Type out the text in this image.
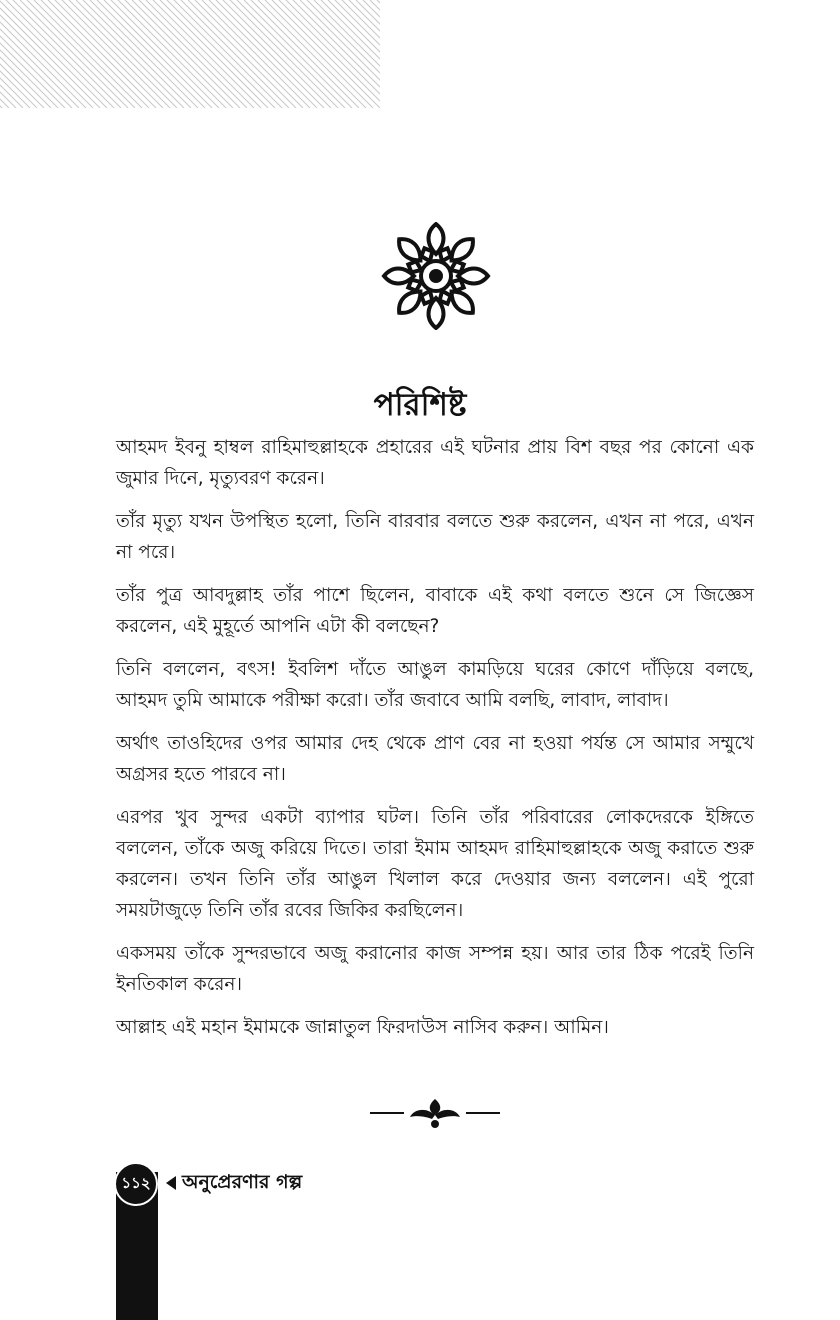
পরিশিষ্ট

আহমদ ইবনু হাম্বল রাহিমাহুল্লাহকে প্রহারের এই ঘটনার প্রায় বিশ বছর পর কোনো এক জুমার দিনে, মৃত্যুবরণ করেন।

তাঁর মৃত্যু যখন উপস্থিত হলো, তিনি বারবার বলতে শুরু করলেন, এখন না পরে, এখন না পরে।

তাঁর পুত্র আবদুল্লাহ তাঁর পাশে ছিলেন, বাবাকে এই কথা বলতে শুনে সে জিজ্ঞেস করলেন, এই মুহূর্তে আপনি এটা কী বলছেন?

তিনি বললেন, বৎস! ইবলিশ দাঁতে আঙুল কামড়িয়ে ঘরের কোণে দাঁড়িয়ে বলছে, আহমদ তুমি আমাকে পরীক্ষা করো। তাঁর জবাবে আমি বলছি, লাবাদ, লাবাদ।

অর্থাৎ তাওহিদের ওপর আমার দেহ থেকে প্রাণ বের না হওয়া পর্যন্ত সে আমার সম্মুখে অগ্রসর হতে পারবে না।

এরপর খুব সুন্দর একটা ব্যাপার ঘটল। তিনি তাঁর পরিবারের লোকদেরকে ইঙ্গিতে বললেন, তাঁকে অজু করিয়ে দিতে। তারা ইমাম আহমদ রাহিমাহুল্লাহকে অজু করাতে শুরু করলেন। তখন তিনি তাঁর আঙুল খিলাল করে দেওয়ার জন্য বললেন। এই পুরো সময়টাজুড়ে তিনি তাঁর রবের জিকির করছিলেন।

একসময় তাঁকে সুন্দরভাবে অজু করানোর কাজ সম্পন্ন হয়। আর তার ঠিক পরেই তিনি ইনতিকাল করেন।

আল্লাহ এই মহান ইমামকে জান্নাতুল ফিরদাউস নাসিব করুন। আমিন।

১১২	অনুপ্রেরণার গল্প
